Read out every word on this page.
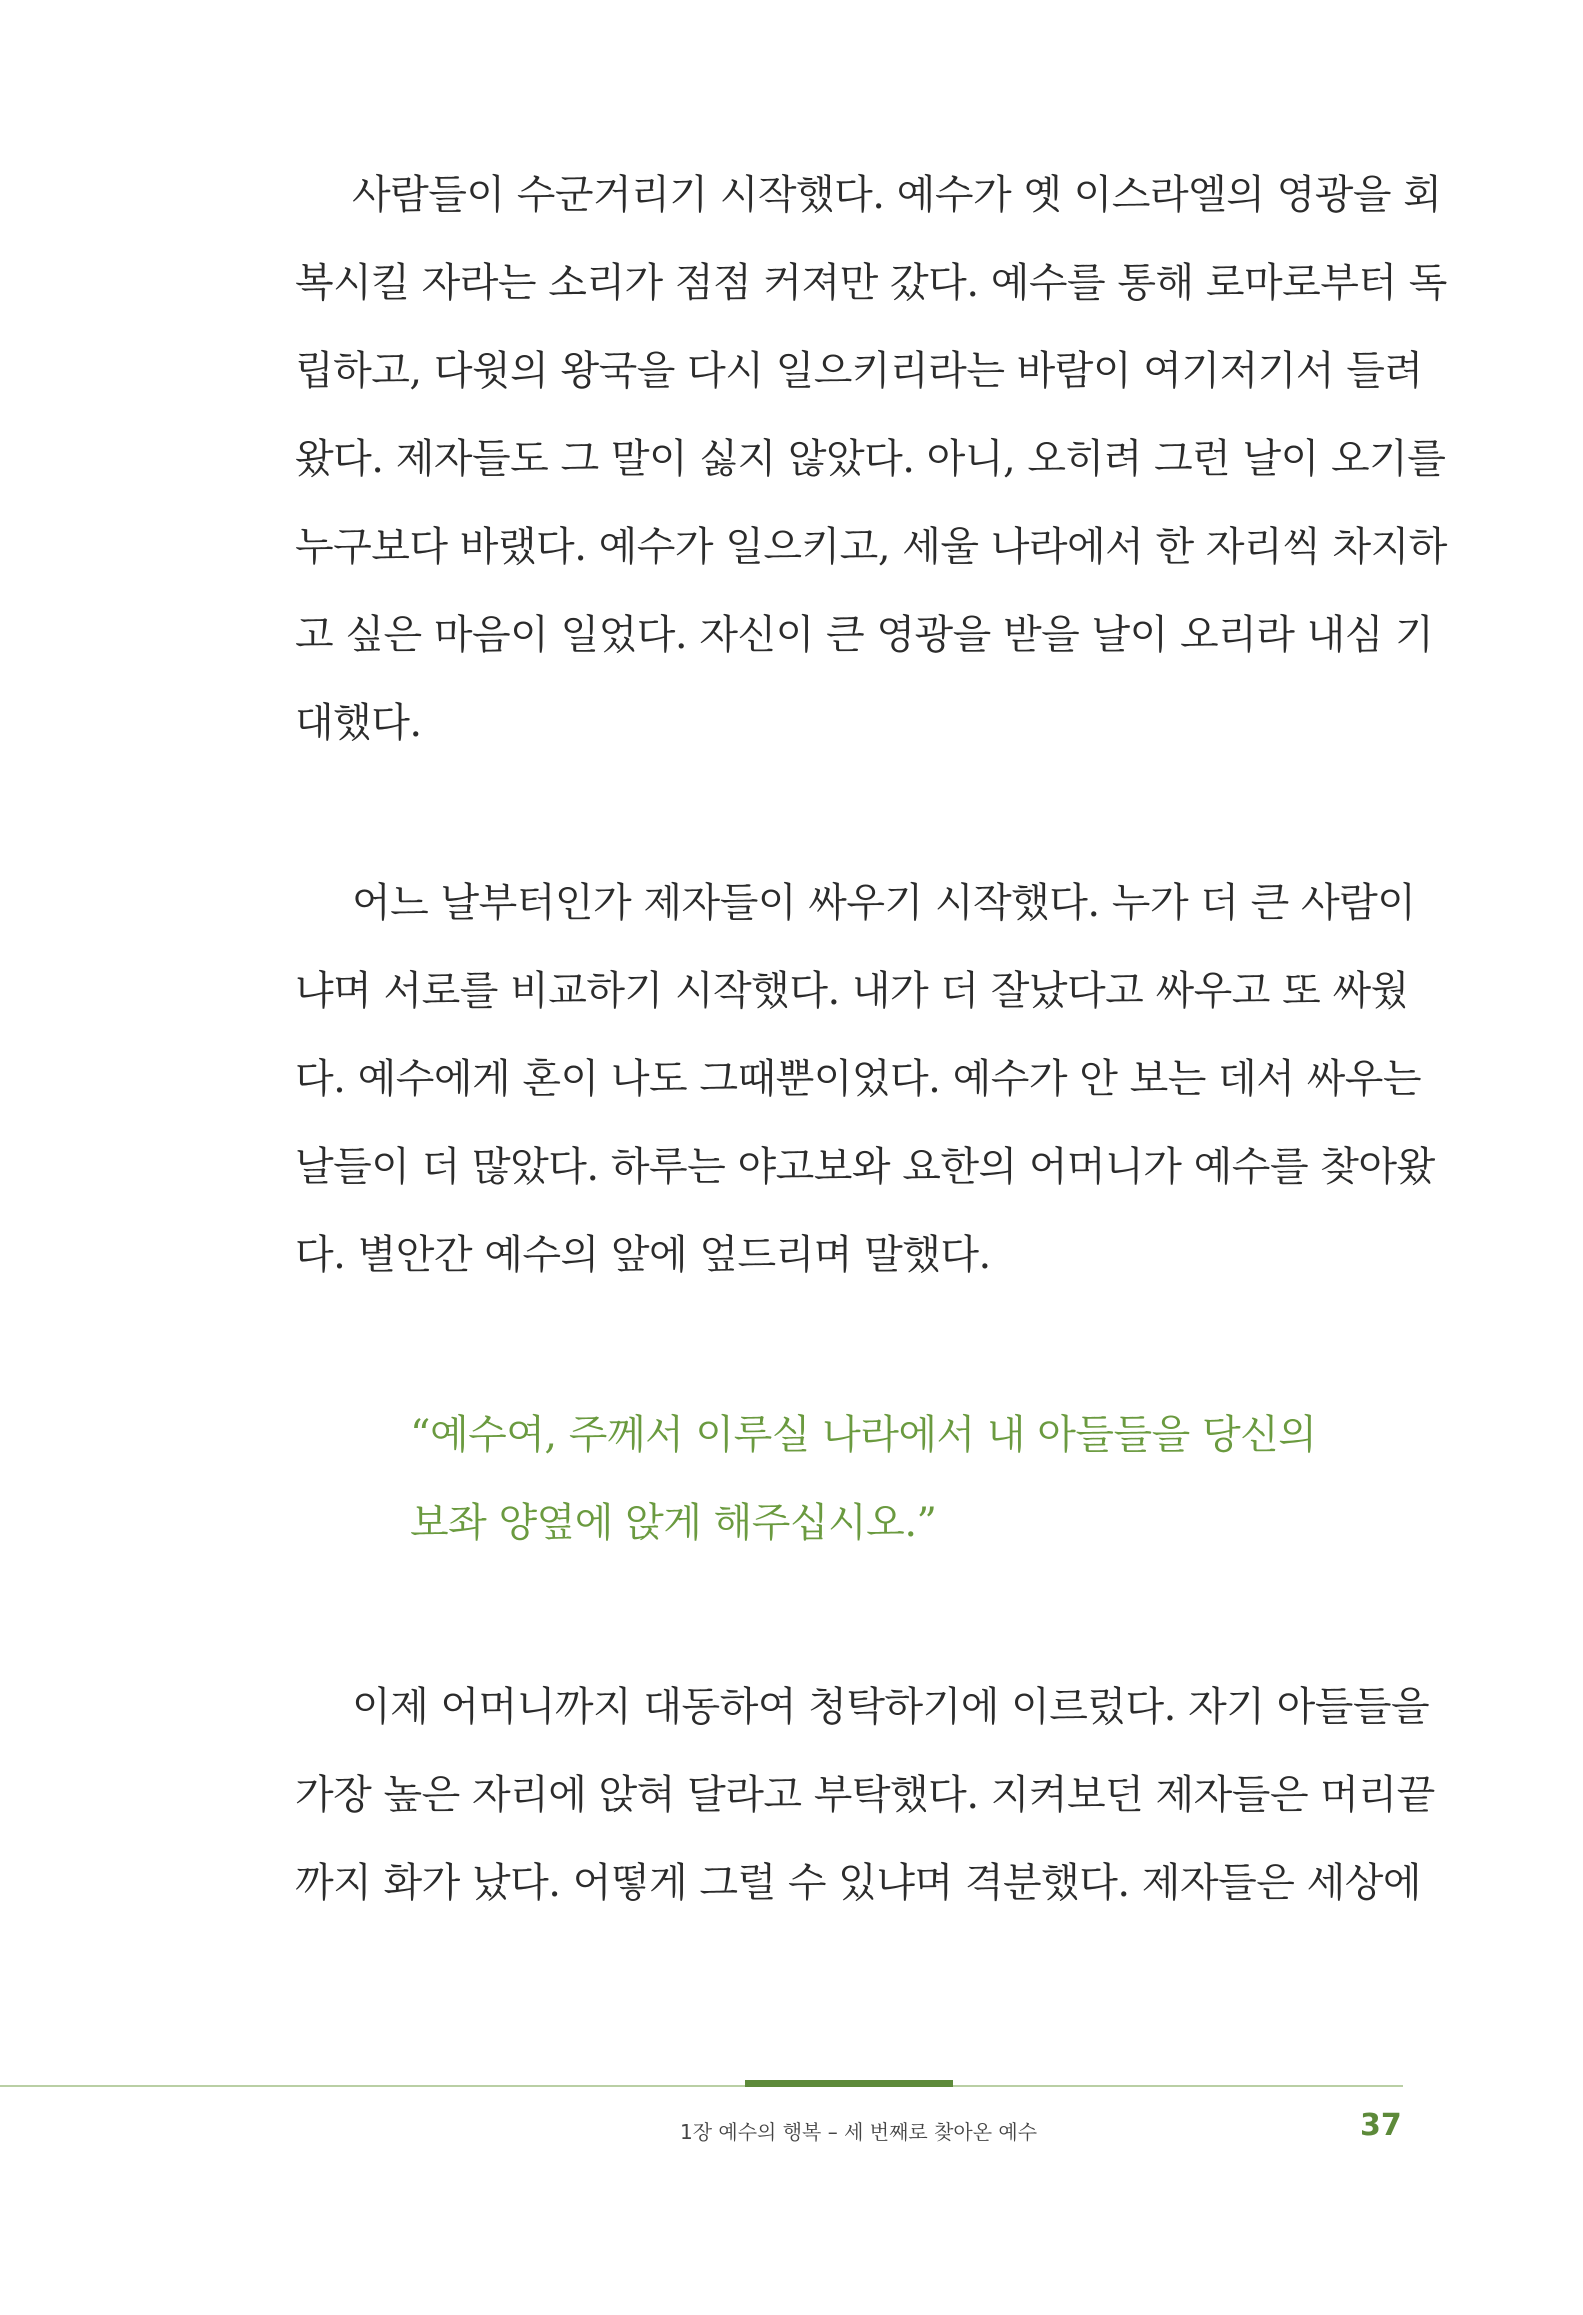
사람들이 수군거리기 시작했다. 예수가 옛 이스라엘의 영광을 회
복시킬 자라는 소리가 점점 커져만 갔다. 예수를 통해 로마로부터 독
립하고, 다윗의 왕국을 다시 일으키리라는 바람이 여기저기서 들려
왔다. 제자들도 그 말이 싫지 않았다. 아니, 오히려 그런 날이 오기를
누구보다 바랬다. 예수가 일으키고, 세울 나라에서 한 자리씩 차지하
고 싶은 마음이 일었다. 자신이 큰 영광을 받을 날이 오리라 내심 기
대했다.
어느 날부터인가 제자들이 싸우기 시작했다. 누가 더 큰 사람이
냐며 서로를 비교하기 시작했다. 내가 더 잘났다고 싸우고 또 싸웠
다. 예수에게 혼이 나도 그때뿐이었다. 예수가 안 보는 데서 싸우는
날들이 더 많았다. 하루는 야고보와 요한의 어머니가 예수를 찾아왔
다. 별안간 예수의 앞에 엎드리며 말했다.
“예수여, 주께서 이루실 나라에서 내 아들들을 당신의
보좌 양옆에 앉게 해주십시오.”
이제 어머니까지 대동하여 청탁하기에 이르렀다. 자기 아들들을
가장 높은 자리에 앉혀 달라고 부탁했다. 지켜보던 제자들은 머리끝
까지 화가 났다. 어떻게 그럴 수 있냐며 격분했다. 제자들은 세상에
1장 예수의 행복 – 세 번째로 찾아온 예수	37
